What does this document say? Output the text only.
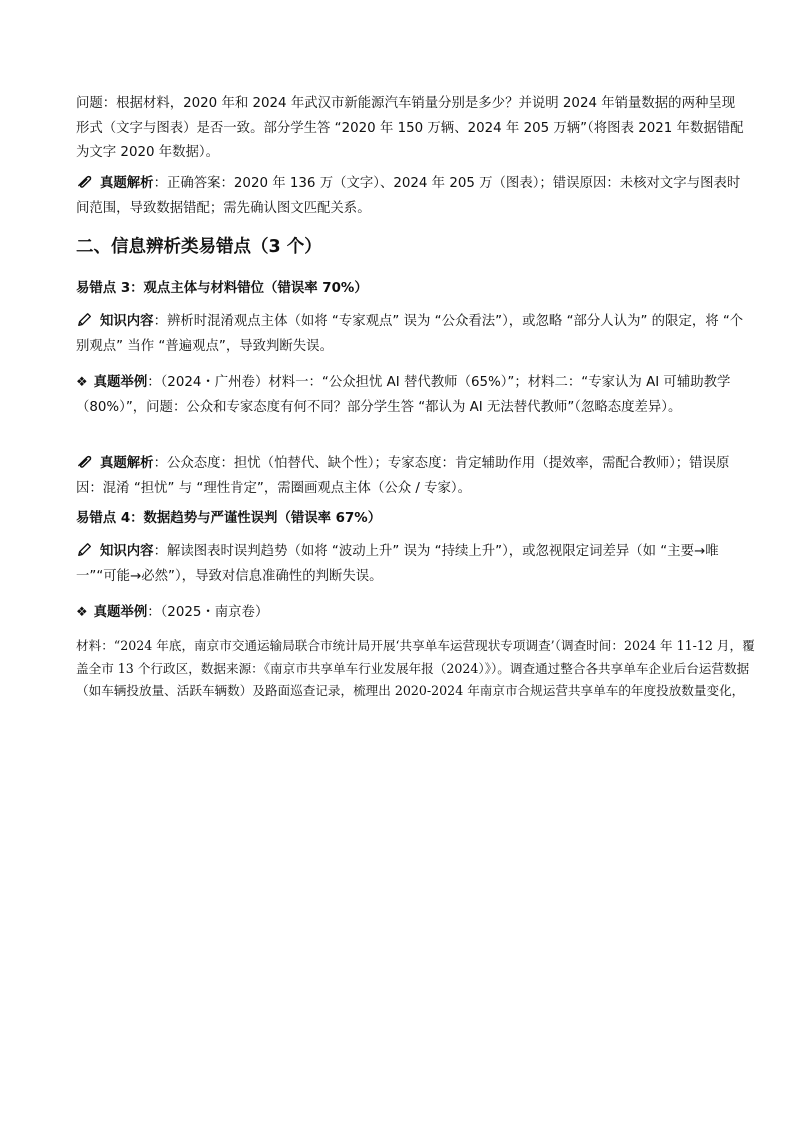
问题：根据材料，2020 年和 2024 年武汉市新能源汽车销量分别是多少？并说明 2024 年销量数据的两种呈现形式（文字与图表）是否一致。部分学生答 “2020 年 150 万辆、2024 年 205 万辆”（将图表 2021 年数据错配为文字 2020 年数据）。

真题解析：正确答案：2020 年 136 万（文字）、2024 年 205 万（图表）；错误原因：未核对文字与图表时间范围，导致数据错配；需先确认图文匹配关系。

二、信息辨析类易错点（3 个）
易错点 3：观点主体与材料错位（错误率 70%）

知识内容：辨析时混淆观点主体（如将 “专家观点” 误为 “公众看法”），或忽略 “部分人认为” 的限定，将 “个别观点” 当作 “普遍观点”，导致判断失误。

❖ 真题举例：（2024・广州卷）材料一：“公众担忧 AI 替代教师（65%）”；材料二：“专家认为 AI 可辅助教学（80%）”，问题：公众和专家态度有何不同？部分学生答 “都认为 AI 无法替代教师”（忽略态度差异）。

真题解析：公众态度：担忧（怕替代、缺个性）；专家态度：肯定辅助作用（提效率，需配合教师）；错误原因：混淆 “担忧” 与 “理性肯定”，需圈画观点主体（公众 / 专家）。

易错点 4：数据趋势与严谨性误判（错误率 67%）

知识内容：解读图表时误判趋势（如将 “波动上升” 误为 “持续上升”），或忽视限定词差异（如 “主要→唯一”“可能→必然”），导致对信息准确性的判断失误。

❖ 真题举例：（2025・南京卷）

材料：“2024 年底，南京市交通运输局联合市统计局开展‘共享单车运营现状专项调查’（调查时间：2024 年 11-12 月，覆盖全市 13 个行政区，数据来源：《南京市共享单车行业发展年报（2024）》）。调查通过整合各共享单车企业后台运营数据（如车辆投放量、活跃车辆数）及路面巡查记录，梳理出 2020-2024 年南京市合规运营共享单车的年度投放数量变化，
